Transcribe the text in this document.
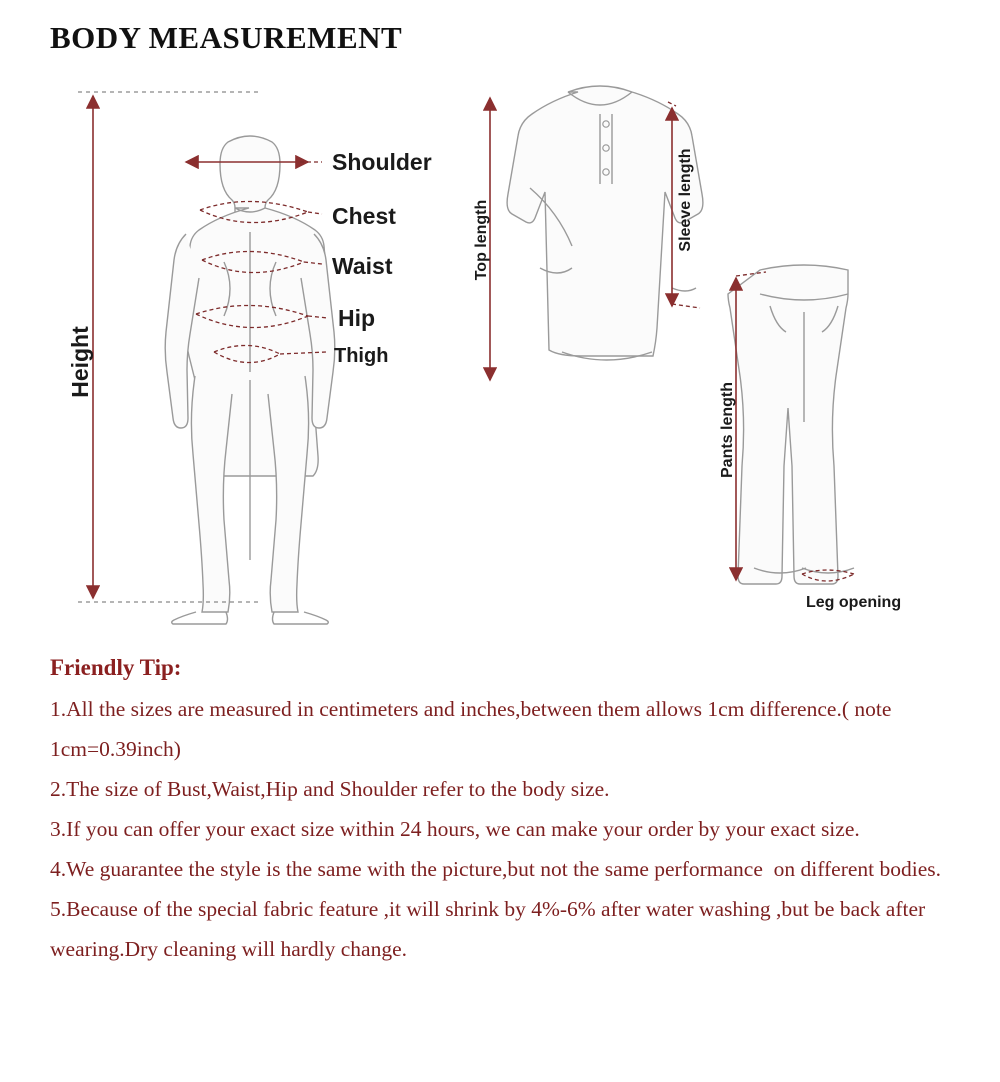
BODY MEASUREMENT
Height
Shoulder
Chest
Waist
Hip
Thigh
Top length	Sleeve length
Pants length
Leg opening
Friendly Tip:
1.All the sizes are measured in centimeters and inches,between them allows 1cm difference.( note 1cm=0.39inch)
2.The size of Bust,Waist,Hip and Shoulder refer to the body size.
3.If you can offer your exact size within 24 hours, we can make your order by your exact size.
4.We guarantee the style is the same with the picture,but not the same performance  on different bodies.
5.Because of the special fabric feature ,it will shrink by 4%-6% after water washing ,but be back after wearing.Dry cleaning will hardly change.
